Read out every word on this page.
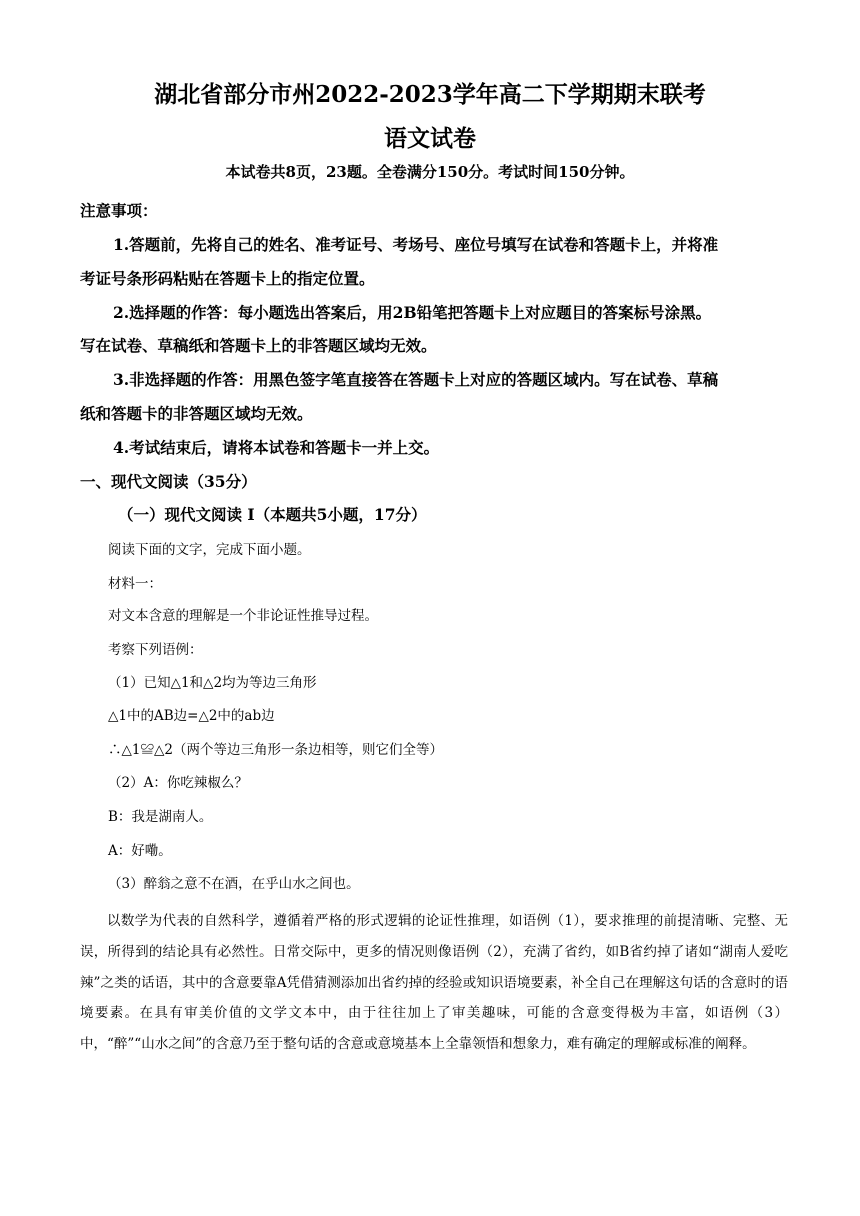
湖北省部分市州2022-2023学年高二下学期期末联考
语文试卷
本试卷共8页，23题。全卷满分150分。考试时间150分钟。
注意事项：
1.答题前，先将自己的姓名、准考证号、考场号、座位号填写在试卷和答题卡上，并将准
考证号条形码粘贴在答题卡上的指定位置。
2.选择题的作答：每小题选出答案后，用2B铅笔把答题卡上对应题目的答案标号涂黑。
写在试卷、草稿纸和答题卡上的非答题区域均无效。
3.非选择题的作答：用黑色签字笔直接答在答题卡上对应的答题区域内。写在试卷、草稿
纸和答题卡的非答题区域均无效。
4.考试结束后，请将本试卷和答题卡一并上交。
一、现代文阅读（35分）
（一）现代文阅读 I（本题共5小题，17分）
阅读下面的文字，完成下面小题。
材料一：
对文本含意的理解是一个非论证性推导过程。
考察下列语例：
（1）已知△1和△2均为等边三角形
△1中的AB边=△2中的ab边
∴△1≌△2（两个等边三角形一条边相等，则它们全等）
（2）A：你吃辣椒么？
B：我是湖南人。
A：好嘞。
（3）醉翁之意不在酒，在乎山水之间也。
以数学为代表的自然科学，遵循着严格的形式逻辑的论证性推理，如语例（1），要求推理的前提清晰、完整、无误，所得到的结论具有必然性。日常交际中，更多的情况则像语例（2），充满了省约，如B省约掉了诸如“湖南人爱吃辣”之类的话语，其中的含意要靠A凭借猜测添加出省约掉的经验或知识语境要素，补全自己在理解这句话的含意时的语境要素。在具有审美价值的文学文本中，由于往往加上了审美趣味，可能的含意变得极为丰富，如语例（3）中，“醉”“山水之间”的含意乃至于整句话的含意或意境基本上全靠领悟和想象力，难有确定的理解或标准的阐释。
